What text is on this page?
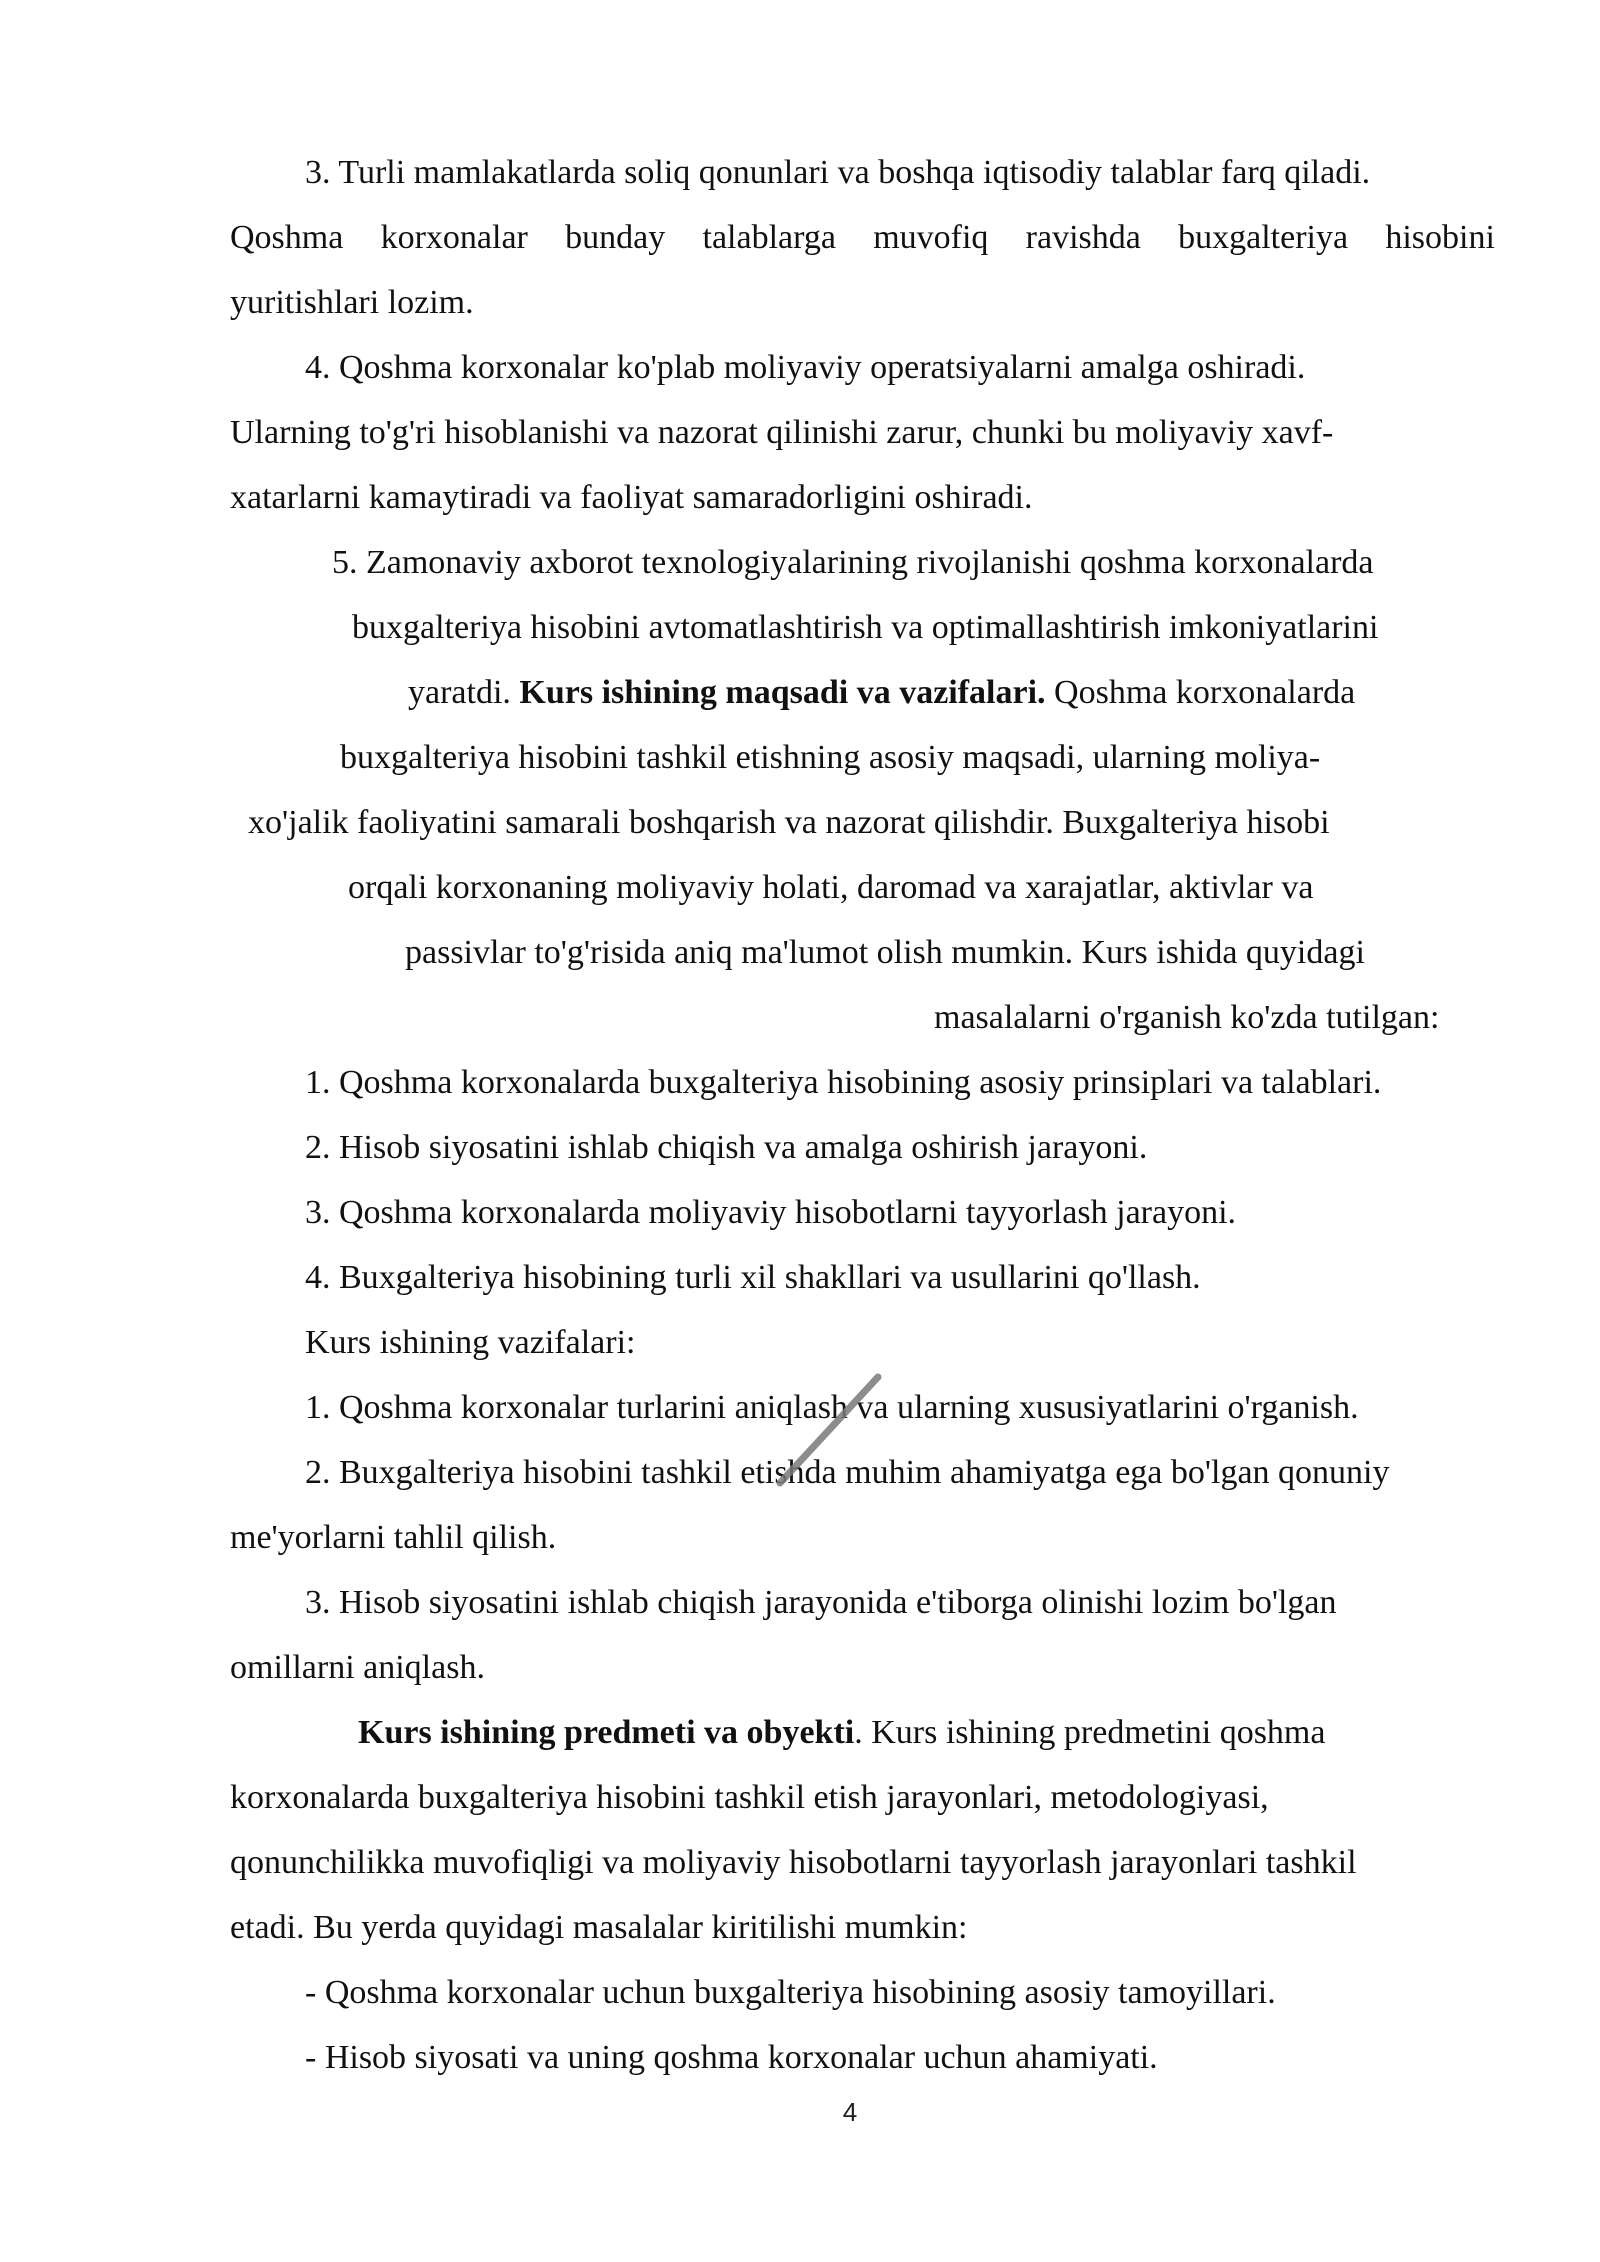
3. Turli mamlakatlarda soliq qonunlari va boshqa iqtisodiy talablar farq qiladi.
Qoshma korxonalar bunday talablarga muvofiq ravishda buxgalteriya hisobini
yuritishlari lozim.
4. Qoshma korxonalar ko'plab moliyaviy operatsiyalarni amalga oshiradi.
Ularning to'g'ri hisoblanishi va nazorat qilinishi zarur, chunki bu moliyaviy xavf-
xatarlarni kamaytiradi va faoliyat samaradorligini oshiradi.
5. Zamonaviy axborot texnologiyalarining rivojlanishi qoshma korxonalarda
buxgalteriya hisobini avtomatlashtirish va optimallashtirish imkoniyatlarini
yaratdi. Kurs ishining maqsadi va vazifalari. Qoshma korxonalarda
buxgalteriya hisobini tashkil etishning asosiy maqsadi, ularning moliya-
xo'jalik faoliyatini samarali boshqarish va nazorat qilishdir. Buxgalteriya hisobi
orqali korxonaning moliyaviy holati, daromad va xarajatlar, aktivlar va
passivlar to'g'risida aniq ma'lumot olish mumkin. Kurs ishida quyidagi
masalalarni o'rganish ko'zda tutilgan:
1. Qoshma korxonalarda buxgalteriya hisobining asosiy prinsiplari va talablari.
2. Hisob siyosatini ishlab chiqish va amalga oshirish jarayoni.
3. Qoshma korxonalarda moliyaviy hisobotlarni tayyorlash jarayoni.
4. Buxgalteriya hisobining turli xil shakllari va usullarini qo'llash.
Kurs ishining vazifalari:
1. Qoshma korxonalar turlarini aniqlash va ularning xususiyatlarini o'rganish.
2. Buxgalteriya hisobini tashkil etishda muhim ahamiyatga ega bo'lgan qonuniy
me'yorlarni tahlil qilish.
3. Hisob siyosatini ishlab chiqish jarayonida e'tiborga olinishi lozim bo'lgan
omillarni aniqlash.
Kurs ishining predmeti va obyekti. Kurs ishining predmetini qoshma
korxonalarda buxgalteriya hisobini tashkil etish jarayonlari, metodologiyasi,
qonunchilikka muvofiqligi va moliyaviy hisobotlarni tayyorlash jarayonlari tashkil
etadi. Bu yerda quyidagi masalalar kiritilishi mumkin:
- Qoshma korxonalar uchun buxgalteriya hisobining asosiy tamoyillari.
- Hisob siyosati va uning qoshma korxonalar uchun ahamiyati.
4
